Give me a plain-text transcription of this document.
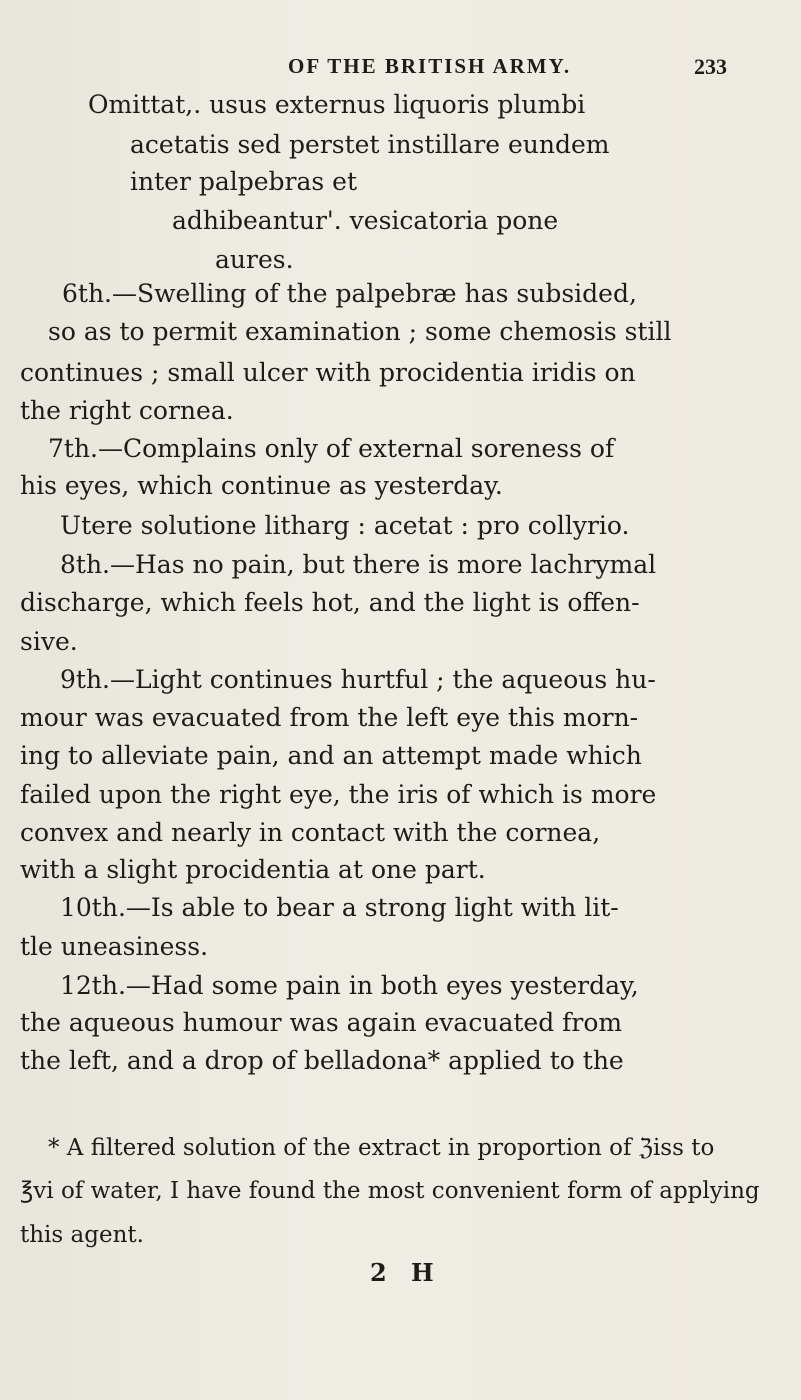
OF THE BRITISH ARMY.	233
Omittat,. usus externus liquoris plumbi
acetatis sed perstet instillare eundem
inter palpebras et
adhibeantur'. vesicatoria pone
aures.
6th.—Swelling of the palpebræ has subsided,
so as to permit examination ; some chemosis still
continues ; small ulcer with procidentia iridis on
the right cornea.
7th.—Complains only of external soreness of
his eyes, which continue as yesterday.
Utere solutione litharg : acetat : pro collyrio.
8th.—Has no pain, but there is more lachrymal
discharge, which feels hot, and the light is offen-
sive.
9th.—Light continues hurtful ; the aqueous hu-
mour was evacuated from the left eye this morn-
ing to alleviate pain, and an attempt made which
failed upon the right eye, the iris of which is more
convex and nearly in contact with the cornea,
with a slight procidentia at one part.
10th.—Is able to bear a strong light with lit-
tle uneasiness.
12th.—Had some pain in both eyes yesterday,
the aqueous humour was again evacuated from
the left, and a drop of belladona* applied to the
* A filtered solution of the extract in proportion of ℨiss to
℥vi of water, I have found the most convenient form of applying
this agent.
2 H
